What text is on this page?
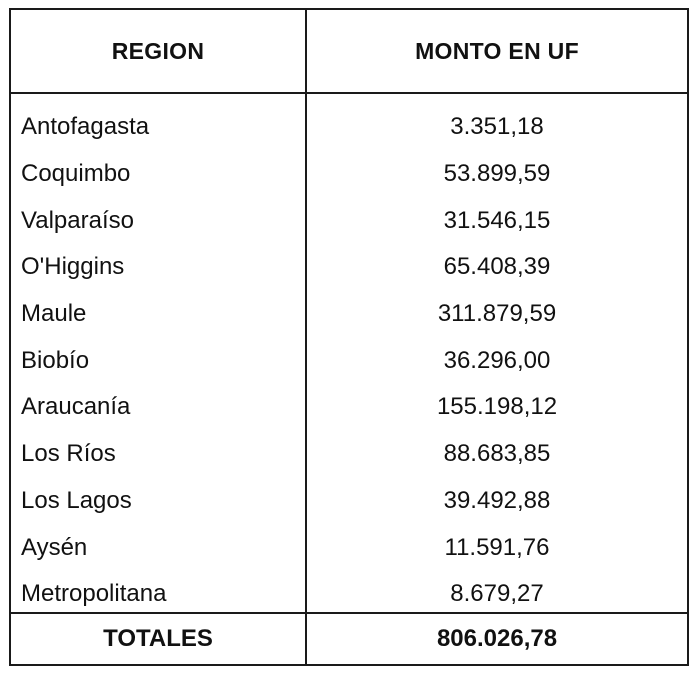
REGION	MONTO EN UF
Antofagasta	3.351,18
Coquimbo	53.899,59
Valparaíso	31.546,15
O'Higgins	65.408,39
Maule	311.879,59
Biobío	36.296,00
Araucanía	155.198,12
Los Ríos	88.683,85
Los Lagos	39.492,88
Aysén	11.591,76
Metropolitana	8.679,27
TOTALES	806.026,78
